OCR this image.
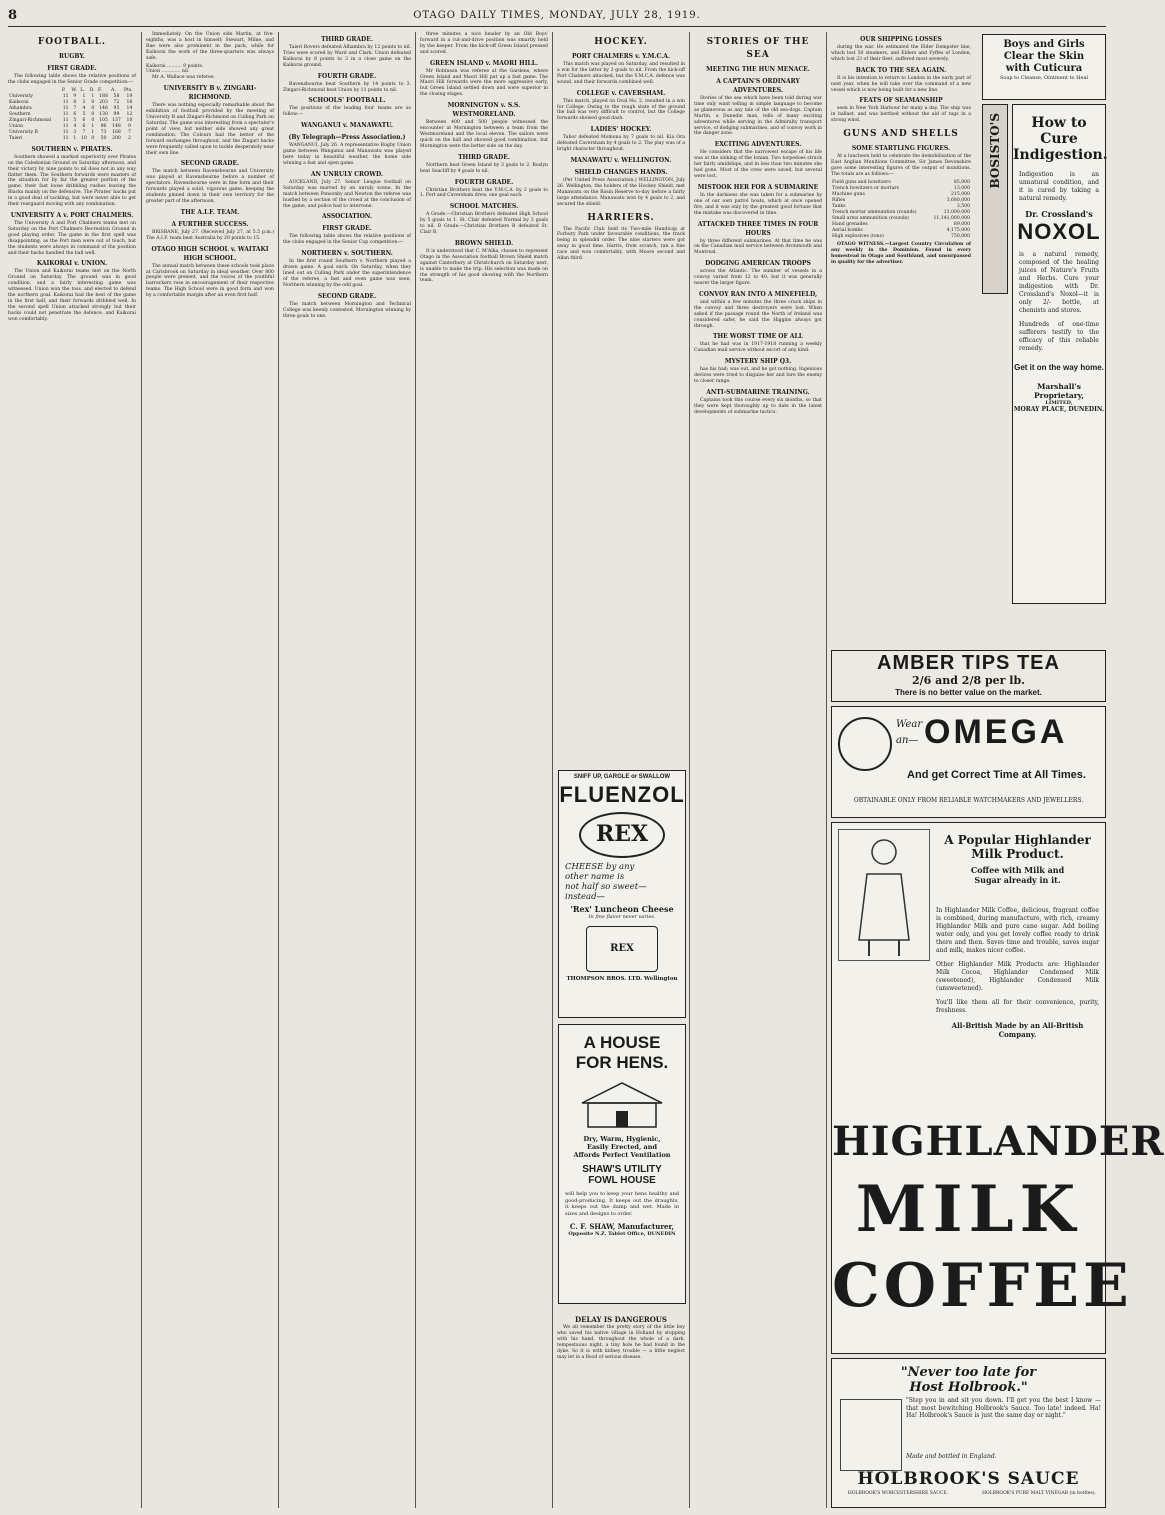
8	OTAGO DAILY TIMES, MONDAY, JULY 28, 1919.
FOOTBALL.
RUGBY.
FIRST GRADE.

The following table shows the relative positions of the clubs engaged in the Senior Grade competition:—

	P.	W.	L.	D.	F.	A.	Pts.
University	11	9	1	1	188	58	19
Kaikorai	11	8	3	0	203	72	16
Alhambra	11	7	4	0	146	95	14
Southern	11	6	5	0	130	99	12
Zingari-Richmond	11	5	6	0	105	137	10
Union	11	4	6	1	96	148	9
University B	11	3	7	1	73	168	7
Taieri	11	1	10	0	50	200	2
SOUTHERN v. PIRATES.

Southern showed a marked superiority over Pirates on the Caledonian Ground on Saturday afternoon, and their victory by nine points to nil does not in any way flatter them. The Southern forwards were masters of the situation for by far the greater portion of the game, their fast loose dribbling rushes leaving the Blacks mainly on the defensive. The Pirates' backs put in a good deal of tackling, but were never able to get their rearguard moving with any combination.

UNIVERSITY A v. PORT CHALMERS.

The University A and Port Chalmers teams met on Saturday on the Port Chalmers Recreation Ground in good playing order. The game in the first spell was disappointing, as the Port men were out of touch, but the students were always in command of the position and their backs handled the ball well.

KAIKORAI v. UNION.

The Union and Kaikorai teams met on the North Ground on Saturday. The ground was in good condition, and a fairly interesting game was witnessed. Union won the toss, and elected to defend the northern goal. Kaikorai had the best of the game in the first half, and their forwards dribbled well. In the second spell Union attacked strongly but their backs could not penetrate the defence, and Kaikorai won comfortably.

Immediately. On the Union side Martin, at five-eighths, was a host in himself; Stewart, Milne, and Rae were also prominent in the pack, while for Kaikorai the work of the three-quarters was always safe.

Kaikorai .......... 9 points.
Union ............. nil.

Mr A. Wallace was referee.

UNIVERSITY B v. ZINGARI-RICHMOND.

There was nothing especially remarkable about the exhibition of football provided by the meeting of University B and Zingari-Richmond on Culling Park on Saturday. The game was interesting from a spectator's point of view, but neither side showed any great combination. The Colours had the better of the forward exchanges throughout, and the Zingari backs were frequently called upon to tackle desperately near their own line.

SECOND GRADE.

The match between Ravensbourne and University was played at Ravensbourne before a number of spectators. Ravensbourne were in fine form and their forwards played a solid, vigorous game, keeping the students pinned down in their own territory for the greater part of the afternoon.

THE A.I.F. TEAM.
A FURTHER SUCCESS.

BRISBANE, July 27. (Received July 27, at 5.5 p.m.) The A.I.F. team beat Australia by 20 points to 15.

OTAGO HIGH SCHOOL v. WAITAKI HIGH SCHOOL.

The annual match between these schools took place at Carisbrook on Saturday in ideal weather. Over 800 people were present, and the voices of the youthful barrackers rose in encouragement of their respective teams. The High School were in good form and won by a comfortable margin after an even first half.

THIRD GRADE.

Taieri Rovers defeated Alhambra by 12 points to nil. Tries were scored by Ward and Clark. Union defeated Kaikorai by 8 points to 3 in a close game on the Kaikorai ground.

FOURTH GRADE.

Ravensbourne beat Southern by 14 points to 3. Zingari-Richmond beat Union by 11 points to nil.

SCHOOLS' FOOTBALL.

The positions of the leading four teams are as follow:—

WANGANUI v. MANAWATU.
(By Telegraph—Press Association.)

WANGANUI, July 26. A representative Rugby Union game between Wanganui and Manawatu was played here today in beautiful weather, the home side winning a fast and open game.

AN UNRULY CROWD.

AUCKLAND, July 27. Senior League football on Saturday was marred by an unruly scene. In the match between Ponsonby and Newton the referee was hustled by a section of the crowd at the conclusion of the game, and police had to intervene.

ASSOCIATION.
FIRST GRADE.

The following table shows the relative positions of the clubs engaged in the Senior Cup competition:—

NORTHERN v. SOUTHERN.

In the first round Southern v. Northern played a drawn game. A goal each. On Saturday, when they lined out on Culling Park under the superintendence of the referee, a fast and even game was seen, Northern winning by the odd goal.

SECOND GRADE.

The match between Mornington and Technical College was keenly contested, Mornington winning by three goals to one.

three minutes a nice header by an Old Boys' forward in a cut-and-drive position was smartly held by the keeper. From the kick-off Green Island pressed and scored.

GREEN ISLAND v. MAORI HILL.

Mr Robinson was referee at the Gardens, where Green Island and Maori Hill put up a fast game. The Maori Hill forwards were the more aggressive early, but Green Island settled down and were superior in the closing stages.

MORNINGTON v. S.S. WESTMORELAND.

Between 400 and 500 people witnessed the encounter at Mornington between a team from the Westmoreland and the local eleven. The sailors were quick on the ball and showed good combination, but Mornington were the better side on the day.

THIRD GRADE.

Northern beat Green Island by 3 goals to 2. Roslyn beat Seacliff by 4 goals to nil.

FOURTH GRADE.

Christian Brothers beat the Y.M.C.A. by 2 goals to 1. Port and Caversham drew, one goal each.

SCHOOL MATCHES.

A Grade.—Christian Brothers defeated High School by 5 goals to 1. St. Clair defeated Normal by 3 goals to nil. B Grade.—Christian Brothers B defeated St. Clair B.

BROWN SHIELD.

It is understood that C. M'Alka, chosen to represent Otago in the Association football Brown Shield match against Canterbury at Christchurch on Saturday next, is unable to make the trip. His selection was made on the strength of his good showing with the Northern team.

HOCKEY.
PORT CHALMERS v. Y.M.C.A.

This match was played on Saturday, and resulted in a win for the latter by 3 goals to nil. From the kick-off Port Chalmers attacked, but the Y.M.C.A. defence was sound, and their forwards combined well.

COLLEGE v. CAVERSHAM.

This match, played on Oval No. 2, resulted in a win for College. Owing to the rough state of the ground the ball was very difficult to control, but the College forwards showed good dash.

LADIES' HOCKEY.

Tabor defeated Momona by 7 goals to nil. Kia Ora defeated Caversham by 4 goals to 2. The play was of a bright character throughout.

MANAWATU v. WELLINGTON.
SHIELD CHANGES HANDS.

(Per United Press Association.) WELLINGTON, July 26. Wellington, the holders of the Hockey Shield, met Manawatu on the Basin Reserve to-day before a fairly large attendance. Manawatu won by 4 goals to 2, and secured the shield.

HARRIERS.

The Pacific Club held its Two-mile Handicap at Forbury Park under favourable conditions, the track being in splendid order. The nine starters were got away in good time. Harris, from scratch, ran a fine race and won comfortably, with Moore second and Allan third.

STORIES OF THE SEA
MEETING THE HUN MENACE.
A CAPTAIN'S ORDINARY ADVENTURES.

Stories of the sea which have been told during war time only want telling in simple language to become as glamorous as any tale of the old sea-dogs. Captain Martin, a Dunedin man, tells of many exciting adventures while serving in the Admiralty transport service, of dodging submarines, and of convoy work in the danger zone.

EXCITING ADVENTURES.

He considers that the narrowest escape of his life was at the sinking of the Ionian. Two torpedoes struck her fairly amidships, and in less than two minutes she had gone. Most of the crew were saved, but several were lost.

MISTOOK HER FOR A SUBMARINE

In the darkness she was taken for a submarine by one of our own patrol boats, which at once opened fire, and it was only by the greatest good fortune that the mistake was discovered in time.

ATTACKED THREE TIMES IN FOUR HOURS

by three different submarines. At that time he was on the Canadian mail service between Avonmouth and Montreal.

DODGING AMERICAN TROOPS

across the Atlantic. The number of vessels in a convoy varied from 12 to 40, but it was generally nearer the larger figure.

CONVOY RAN INTO A MINEFIELD,

and within a few minutes the three crack ships in the convoy and three destroyers were lost. When asked if the passage round the North of Ireland was considered safer, he said the Higgins always got through.

THE WORST TIME OF ALL

that he had was in 1917-1918 running a weekly Canadian mail service without escort of any kind.

MYSTERY SHIP Q3.

has his had; was out, and he got nothing. Ingenious devices were tried to disguise her and lure the enemy to closer range.

ANTI-SUBMARINE TRAINING.

Captains took this course every six months, so that they were kept thoroughly up to date in the latest developments of submarine tactics.

OUR SHIPPING LOSSES

during the war. He estimated the Elder Dempster line, which lost 50 steamers, and Elders and Fyffes of London, which lost 23 of their fleet, suffered most severely.

BACK TO THE SEA AGAIN.

It is his intention to return to London in the early part of next year, when he will take over the command of a new vessel which is now being built for a new line.

FEATS OF SEAMANSHIP

seen in New York Harbour for many a day. The ship was in ballast, and was berthed without the aid of tugs in a strong wind.

GUNS AND SHELLS
SOME STARTLING FIGURES.

At a luncheon held to celebrate the demobilisation of the East Anglian Munitions Committee, Sir James Devonshire gave some interesting figures of the output of munitions. The totals are as follows:—

Field guns and howitzers	85,000
Trench howitzers or mortars	13,000
Machine guns	215,000
Rifles	3,680,000
Tanks	3,500
Trench mortar ammunition (rounds)	13,000,000
Small arms ammunition (rounds)	11,141,000,000
Hand grenades	89,000
Aerial bombs	4,175,000
High explosives (tons)	750,000

OTAGO WITNESS.—Largest Country Circulation of any weekly in the Dominion. Found in every homestead in Otago and Southland, and unsurpassed in quality for the advertiser.

SNIFF UP, GARGLE or SWALLOW
FLUENZOL
REX
CHEESE by any
other name is
not half so sweet—
instead—
'Rex' Luncheon Cheese
In fine flavor never varies.
REX
THOMPSON BROS. LTD. Wellington
A HOUSE
FOR HENS.
Dry, Warm, Hygienic,
Easily Erected, and
Affords Perfect Ventilation
SHAW'S UTILITY
FOWL HOUSE

will help you to keep your hens healthy and good-producing. It keeps out the draughts, it keeps out the damp and wet. Made in sizes and designs to order.

C. F. SHAW, Manufacturer,
Opposite N.Z. Tablet Office, DUNEDIN
DELAY IS DANGEROUS

We all remember the pretty story of the little boy who saved his native village in Holland by stopping with his hand, throughout the whole of a dark, tempestuous night, a tiny hole he had found in the dyke. So it is with kidney trouble — a little neglect may let in a flood of serious disease.

Boys and Girls
Clear the Skin
with Cuticura
Soap to Cleanse, Ointment to Heal
BOSISTO'S	How to Cure
Indigestion.

Indigestion is an unnatural condition, and it is cured by taking a natural remedy.

Dr. Crossland's
NOXOL

is a natural remedy, composed of the healing juices of Nature's Fruits and Herbs. Cure your indigestion with Dr. Crossland's Noxol—it is only 2/- bottle, at chemists and stores.

Hundreds of one-time sufferers testify to the efficacy of this reliable remedy.

Get it on the way home.
Marshall's Proprietary,
LIMITED,
MORAY PLACE, DUNEDIN.
AMBER TIPS TEA
2/6 and 2/8 per lb.
There is no better value on the market.
Wear
an— OMEGA
And get Correct Time at All Times.
OBTAINABLE ONLY FROM RELIABLE WATCHMAKERS AND JEWELLERS.
A Popular Highlander
Milk Product.
Coffee with Milk and
Sugar already in it.

In Highlander Milk Coffee, delicious, fragrant coffee is combined, during manufacture, with rich, creamy Highlander Milk and pure cane sugar. Add boiling water only, and you get lovely coffee ready to drink there and then. Saves time and trouble, saves sugar and milk, makes nicer coffee.

Other Highlander Milk Products are: Highlander Milk Cocoa, Highlander Condensed Milk (sweetened), Highlander Condensed Milk (unsweetened).

You'll like them all for their convenience, purity, freshness.

All-British Made by an All-British Company.
HIGHLANDER
MILK
COFFEE
"Never too late for
Host Holbrook."

"Step you in and sit you down. I'll get you the best I know — that most bewitching Holbrook's Sauce. Too late! indeed. Ha! Ha! Holbrook's Sauce is just the same day or night."

Made and bottled in England.
HOLBROOK'S SAUCE
HOLBROOK'S WORCESTERSHIRE SAUCE.	HOLBROOK'S PURE MALT VINEGAR (in bottles).
